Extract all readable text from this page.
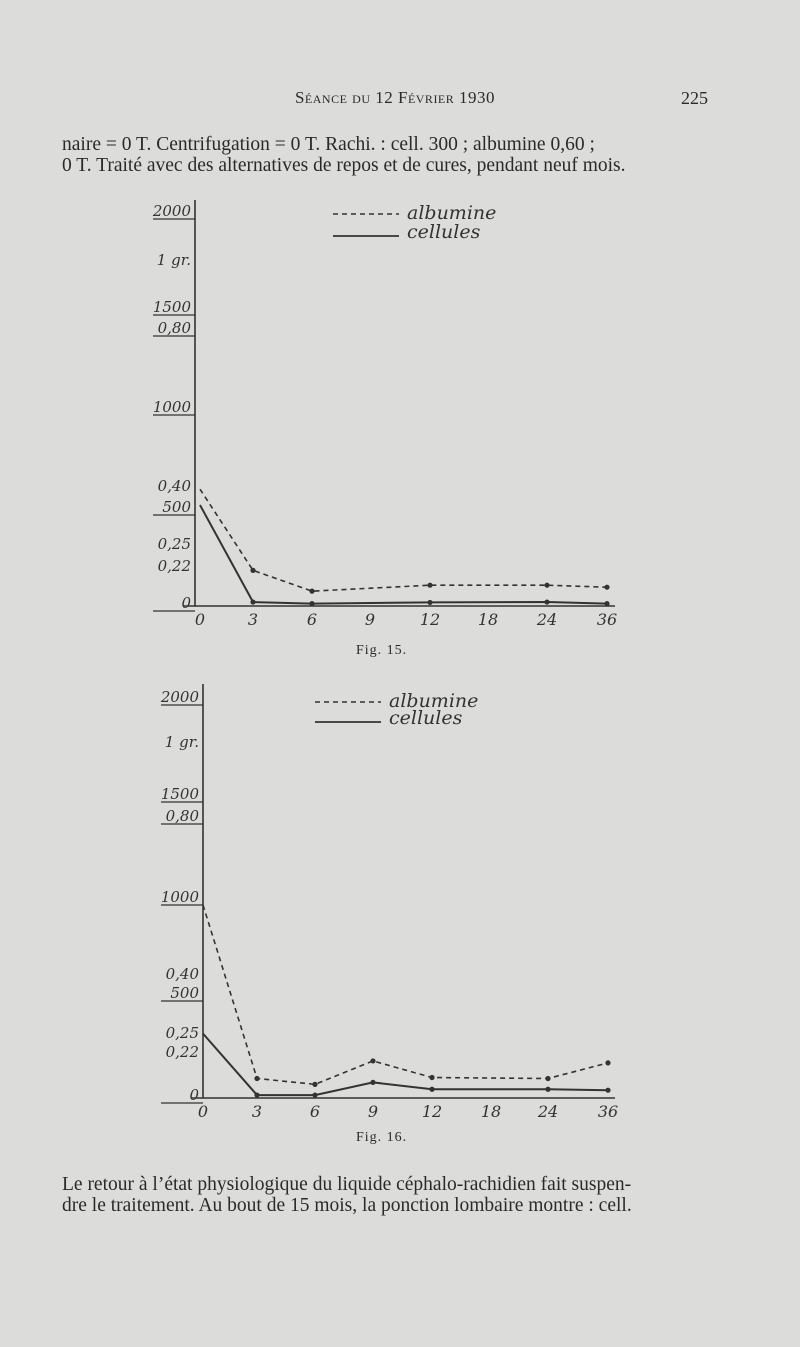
Séance du 12 Février 1930	225
naire = 0 T. Centrifugation = 0 T. Rachi. : cell. 300 ; albumine 0,60 ;
0 T. Traité avec des alternatives de repos et de cures, pendant neuf mois.
2000
1 gr.
1500
0,80
1000
0,40
500
0,25
0,22
0
0	3	6	9	12 18 24 36
albumine
cellules
Fig. 15.
2000
1 gr.
1500
0,80
1000
0,40
500
0,25
0,22
0
0	3	6	9	12 18 24 36
albumine
cellules
Fig. 16.
Le retour à l’état physiologique du liquide céphalo-rachidien fait suspen-
dre le traitement. Au bout de 15 mois, la ponction lombaire montre : cell.
